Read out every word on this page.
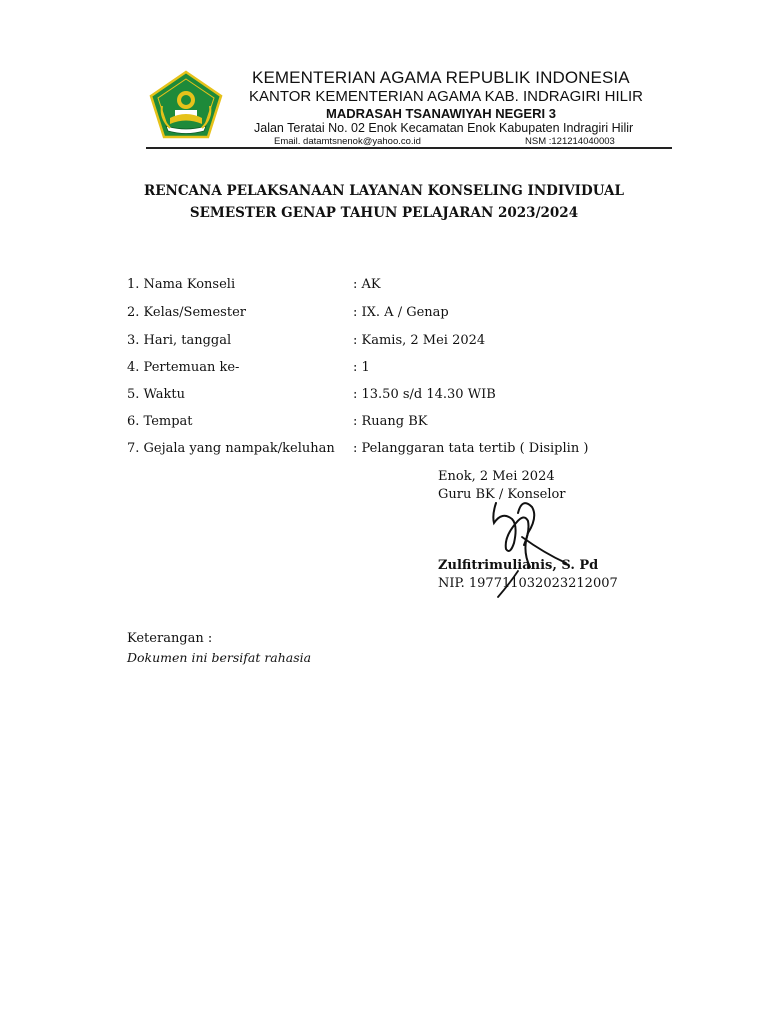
KEMENTERIAN AGAMA REPUBLIK INDONESIA
KANTOR KEMENTERIAN AGAMA KAB. INDRAGIRI HILIR
MADRASAH TSANAWIYAH NEGERI 3
Jalan Teratai No. 02 Enok Kecamatan Enok Kabupaten Indragiri Hilir
Email. datamtsnenok@yahoo.co.id	NSM :121214040003
RENCANA PELAKSANAAN LAYANAN KONSELING INDIVIDUAL
SEMESTER GENAP TAHUN PELAJARAN 2023/2024
1. Nama Konseli	: AK
2. Kelas/Semester	: IX. A / Genap
3. Hari, tanggal	: Kamis, 2 Mei 2024
4. Pertemuan ke-	: 1
5. Waktu	: 13.50 s/d 14.30 WIB
6. Tempat	: Ruang BK
7. Gejala yang nampak/keluhan : Pelanggaran tata tertib ( Disiplin )
Enok, 2 Mei 2024
Guru BK / Konselor
Zulfitrimulianis, S. Pd
NIP. 197711032023212007
Keterangan :
Dokumen ini bersifat rahasia
